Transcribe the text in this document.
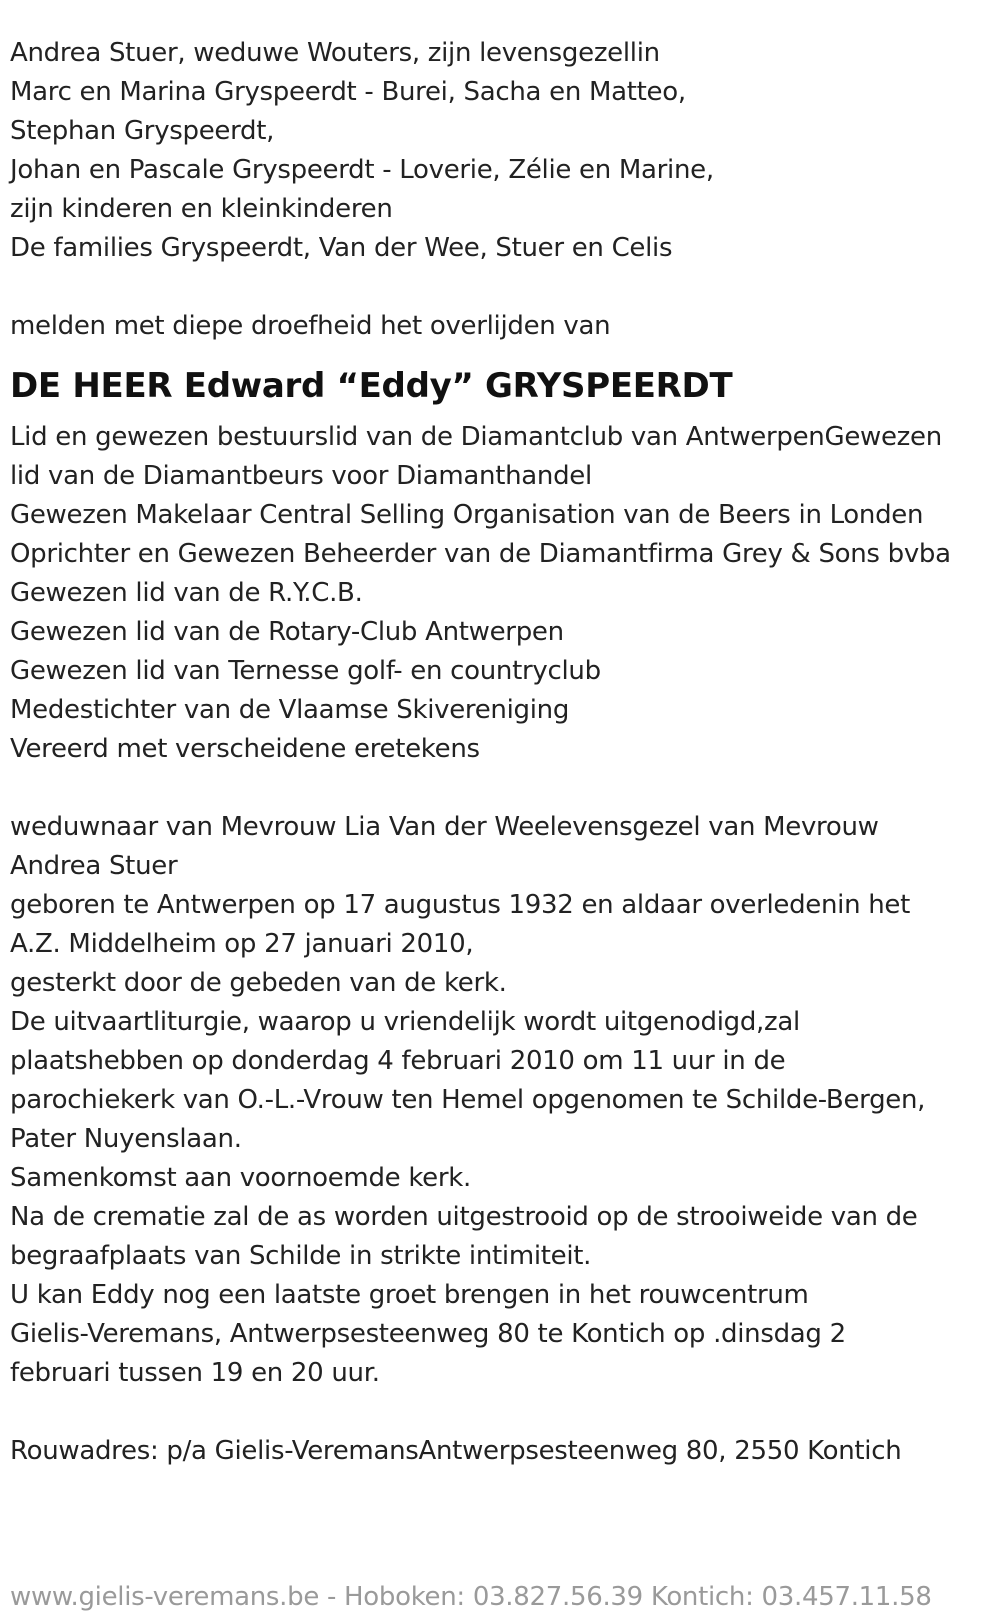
Andrea Stuer, weduwe Wouters, zijn levensgezellin
Marc en Marina Gryspeerdt - Burei, Sacha en Matteo,
Stephan Gryspeerdt,
Johan en Pascale Gryspeerdt - Loverie, Zélie en Marine,
zijn kinderen en kleinkinderen
De families Gryspeerdt, Van der Wee, Stuer en Celis
melden met diepe droefheid het overlijden van
DE HEER Edward “Eddy” GRYSPEERDT
Lid en gewezen bestuurslid van de Diamantclub van AntwerpenGewezen
lid van de Diamantbeurs voor Diamanthandel
Gewezen Makelaar Central Selling Organisation van de Beers in Londen
Oprichter en Gewezen Beheerder van de Diamantfirma Grey & Sons bvba
Gewezen lid van de R.Y.C.B.
Gewezen lid van de Rotary-Club Antwerpen
Gewezen lid van Ternesse golf- en countryclub
Medestichter van de Vlaamse Skivereniging
Vereerd met verscheidene eretekens
weduwnaar van Mevrouw Lia Van der Weelevensgezel van Mevrouw
Andrea Stuer
geboren te Antwerpen op 17 augustus 1932 en aldaar overledenin het
A.Z. Middelheim op 27 januari 2010,
gesterkt door de gebeden van de kerk.
De uitvaartliturgie, waarop u vriendelijk wordt uitgenodigd,zal
plaatshebben op donderdag 4 februari 2010 om 11 uur in de
parochiekerk van O.-L.-Vrouw ten Hemel opgenomen te Schilde-Bergen,
Pater Nuyenslaan.
Samenkomst aan voornoemde kerk.
Na de crematie zal de as worden uitgestrooid op de strooiweide van de
begraafplaats van Schilde in strikte intimiteit.
U kan Eddy nog een laatste groet brengen in het rouwcentrum
Gielis-Veremans, Antwerpsesteenweg 80 te Kontich op .dinsdag 2
februari tussen 19 en 20 uur.
Rouwadres: p/a Gielis-VeremansAntwerpsesteenweg 80, 2550 Kontich
www.gielis-veremans.be - Hoboken: 03.827.56.39 Kontich: 03.457.11.58
